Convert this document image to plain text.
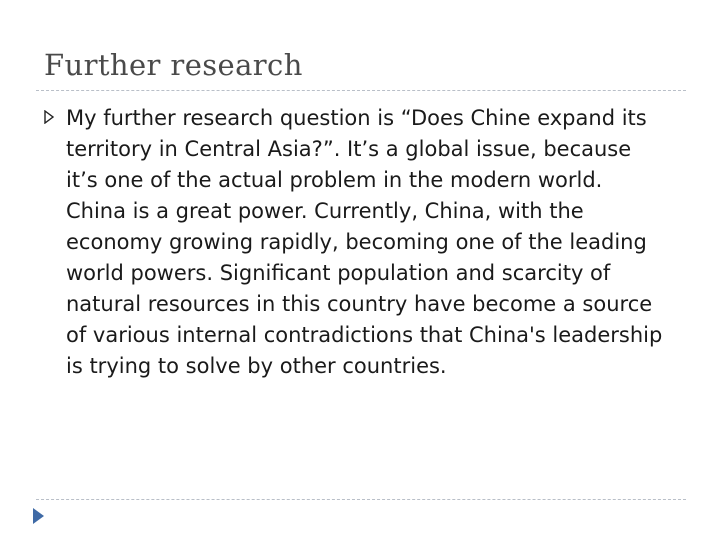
Further research

My further research question is “Does Chine expand its territory in Central Asia?”. It’s a global issue, because it’s one of the actual problem in the modern world. China is a great power. Currently, China, with the economy growing rapidly, becoming one of the leading world powers. Significant population and scarcity of natural resources in this country have become a source of various internal contradictions that China's leadership is trying to solve by other countries.
